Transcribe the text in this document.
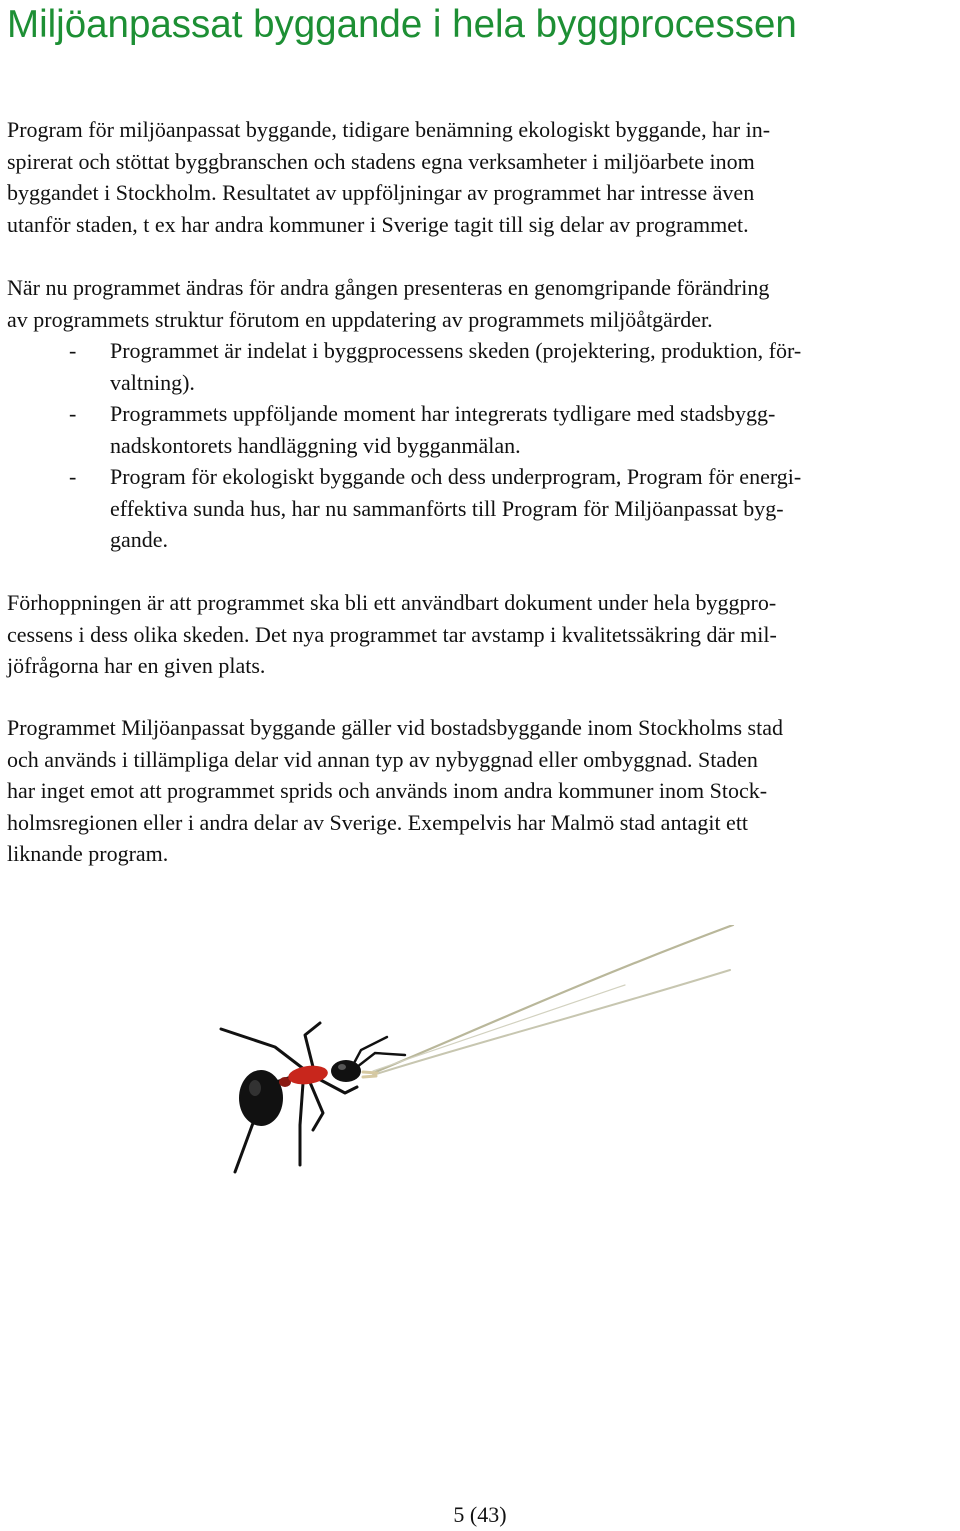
Miljöanpassat byggande i hela byggprocessen
Program för miljöanpassat byggande, tidigare benämning ekologiskt byggande, har in-
spirerat och stöttat byggbranschen och stadens egna verksamheter i miljöarbete inom
byggandet i Stockholm. Resultatet av uppföljningar av programmet har intresse även
utanför staden, t ex har andra kommuner i Sverige tagit till sig delar av programmet.
När nu programmet ändras för andra gången presenteras en genomgripande förändring
av programmets struktur förutom en uppdatering av programmets miljöåtgärder.
- Programmet är indelat i byggprocessens skeden (projektering, produktion, för-
valtning).
- Programmets uppföljande moment har integrerats tydligare med stadsbygg-
nadskontorets handläggning vid bygganmälan.
- Program för ekologiskt byggande och dess underprogram, Program för energi-
effektiva sunda hus, har nu sammanförts till Program för Miljöanpassat byg-
gande.
Förhoppningen är att programmet ska bli ett användbart dokument under hela byggpro-
cessens i dess olika skeden. Det nya programmet tar avstamp i kvalitetssäkring där mil-
jöfrågorna har en given plats.
Programmet Miljöanpassat byggande gäller vid bostadsbyggande inom Stockholms stad
och används i tillämpliga delar vid annan typ av nybyggnad eller ombyggnad. Staden
har inget emot att programmet sprids och används inom andra kommuner inom Stock-
holmsregionen eller i andra delar av Sverige. Exempelvis har Malmö stad antagit ett
liknande program.
5 (43)
